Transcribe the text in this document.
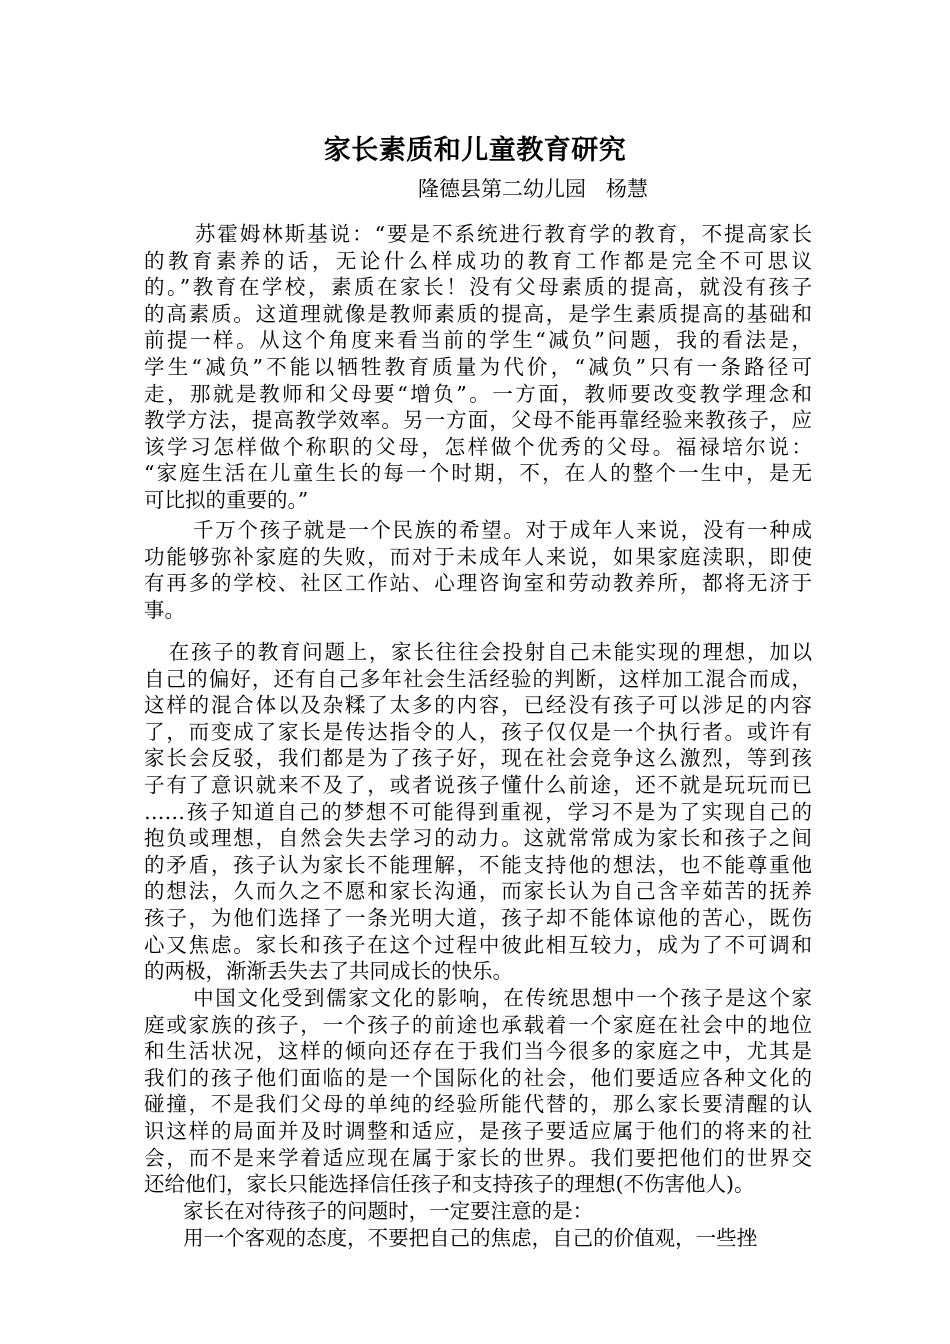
家长素质和儿童教育研究
隆德县第二幼儿园   杨慧
苏霍姆林斯基说：“要是不系统进行教育学的教育，不提高家长
的教育素养的话，无论什么样成功的教育工作都是完全不可思议
的。”教育在学校，素质在家长！没有父母素质的提高，就没有孩子
的高素质。这道理就像是教师素质的提高，是学生素质提高的基础和
前提一样。从这个角度来看当前的学生“减负”问题，我的看法是，
学生“减负”不能以牺牲教育质量为代价，“减负”只有一条路径可
走，那就是教师和父母要“增负”。一方面，教师要改变教学理念和
教学方法，提高教学效率。另一方面，父母不能再靠经验来教孩子，应
该学习怎样做个称职的父母，怎样做个优秀的父母。福禄培尔说：
“家庭生活在儿童生长的每一个时期，不，在人的整个一生中，是无
可比拟的重要的。”
千万个孩子就是一个民族的希望。对于成年人来说，没有一种成
功能够弥补家庭的失败，而对于未成年人来说，如果家庭渎职，即使
有再多的学校、社区工作站、心理咨询室和劳动教养所，都将无济于
事。
在孩子的教育问题上，家长往往会投射自己未能实现的理想，加以
自己的偏好，还有自己多年社会生活经验的判断，这样加工混合而成，
这样的混合体以及杂糅了太多的内容，已经没有孩子可以涉足的内容
了，而变成了家长是传达指令的人，孩子仅仅是一个执行者。或许有
家长会反驳，我们都是为了孩子好，现在社会竞争这么激烈，等到孩
子有了意识就来不及了，或者说孩子懂什么前途，还不就是玩玩而已
……孩子知道自己的梦想不可能得到重视，学习不是为了实现自己的
抱负或理想，自然会失去学习的动力。这就常常成为家长和孩子之间
的矛盾，孩子认为家长不能理解，不能支持他的想法，也不能尊重他
的想法，久而久之不愿和家长沟通，而家长认为自己含辛茹苦的抚养
孩子，为他们选择了一条光明大道，孩子却不能体谅他的苦心，既伤
心又焦虑。家长和孩子在这个过程中彼此相互较力，成为了不可调和
的两极，渐渐丢失去了共同成长的快乐。
中国文化受到儒家文化的影响，在传统思想中一个孩子是这个家
庭或家族的孩子，一个孩子的前途也承载着一个家庭在社会中的地位
和生活状况，这样的倾向还存在于我们当今很多的家庭之中，尤其是
我们的孩子他们面临的是一个国际化的社会，他们要适应各种文化的
碰撞，不是我们父母的单纯的经验所能代替的，那么家长要清醒的认
识这样的局面并及时调整和适应，是孩子要适应属于他们的将来的社
会，而不是来学着适应现在属于家长的世界。我们要把他们的世界交
还给他们，家长只能选择信任孩子和支持孩子的理想(不伤害他人)。
家长在对待孩子的问题时，一定要注意的是：
用一个客观的态度，不要把自己的焦虑，自己的价值观，一些挫
